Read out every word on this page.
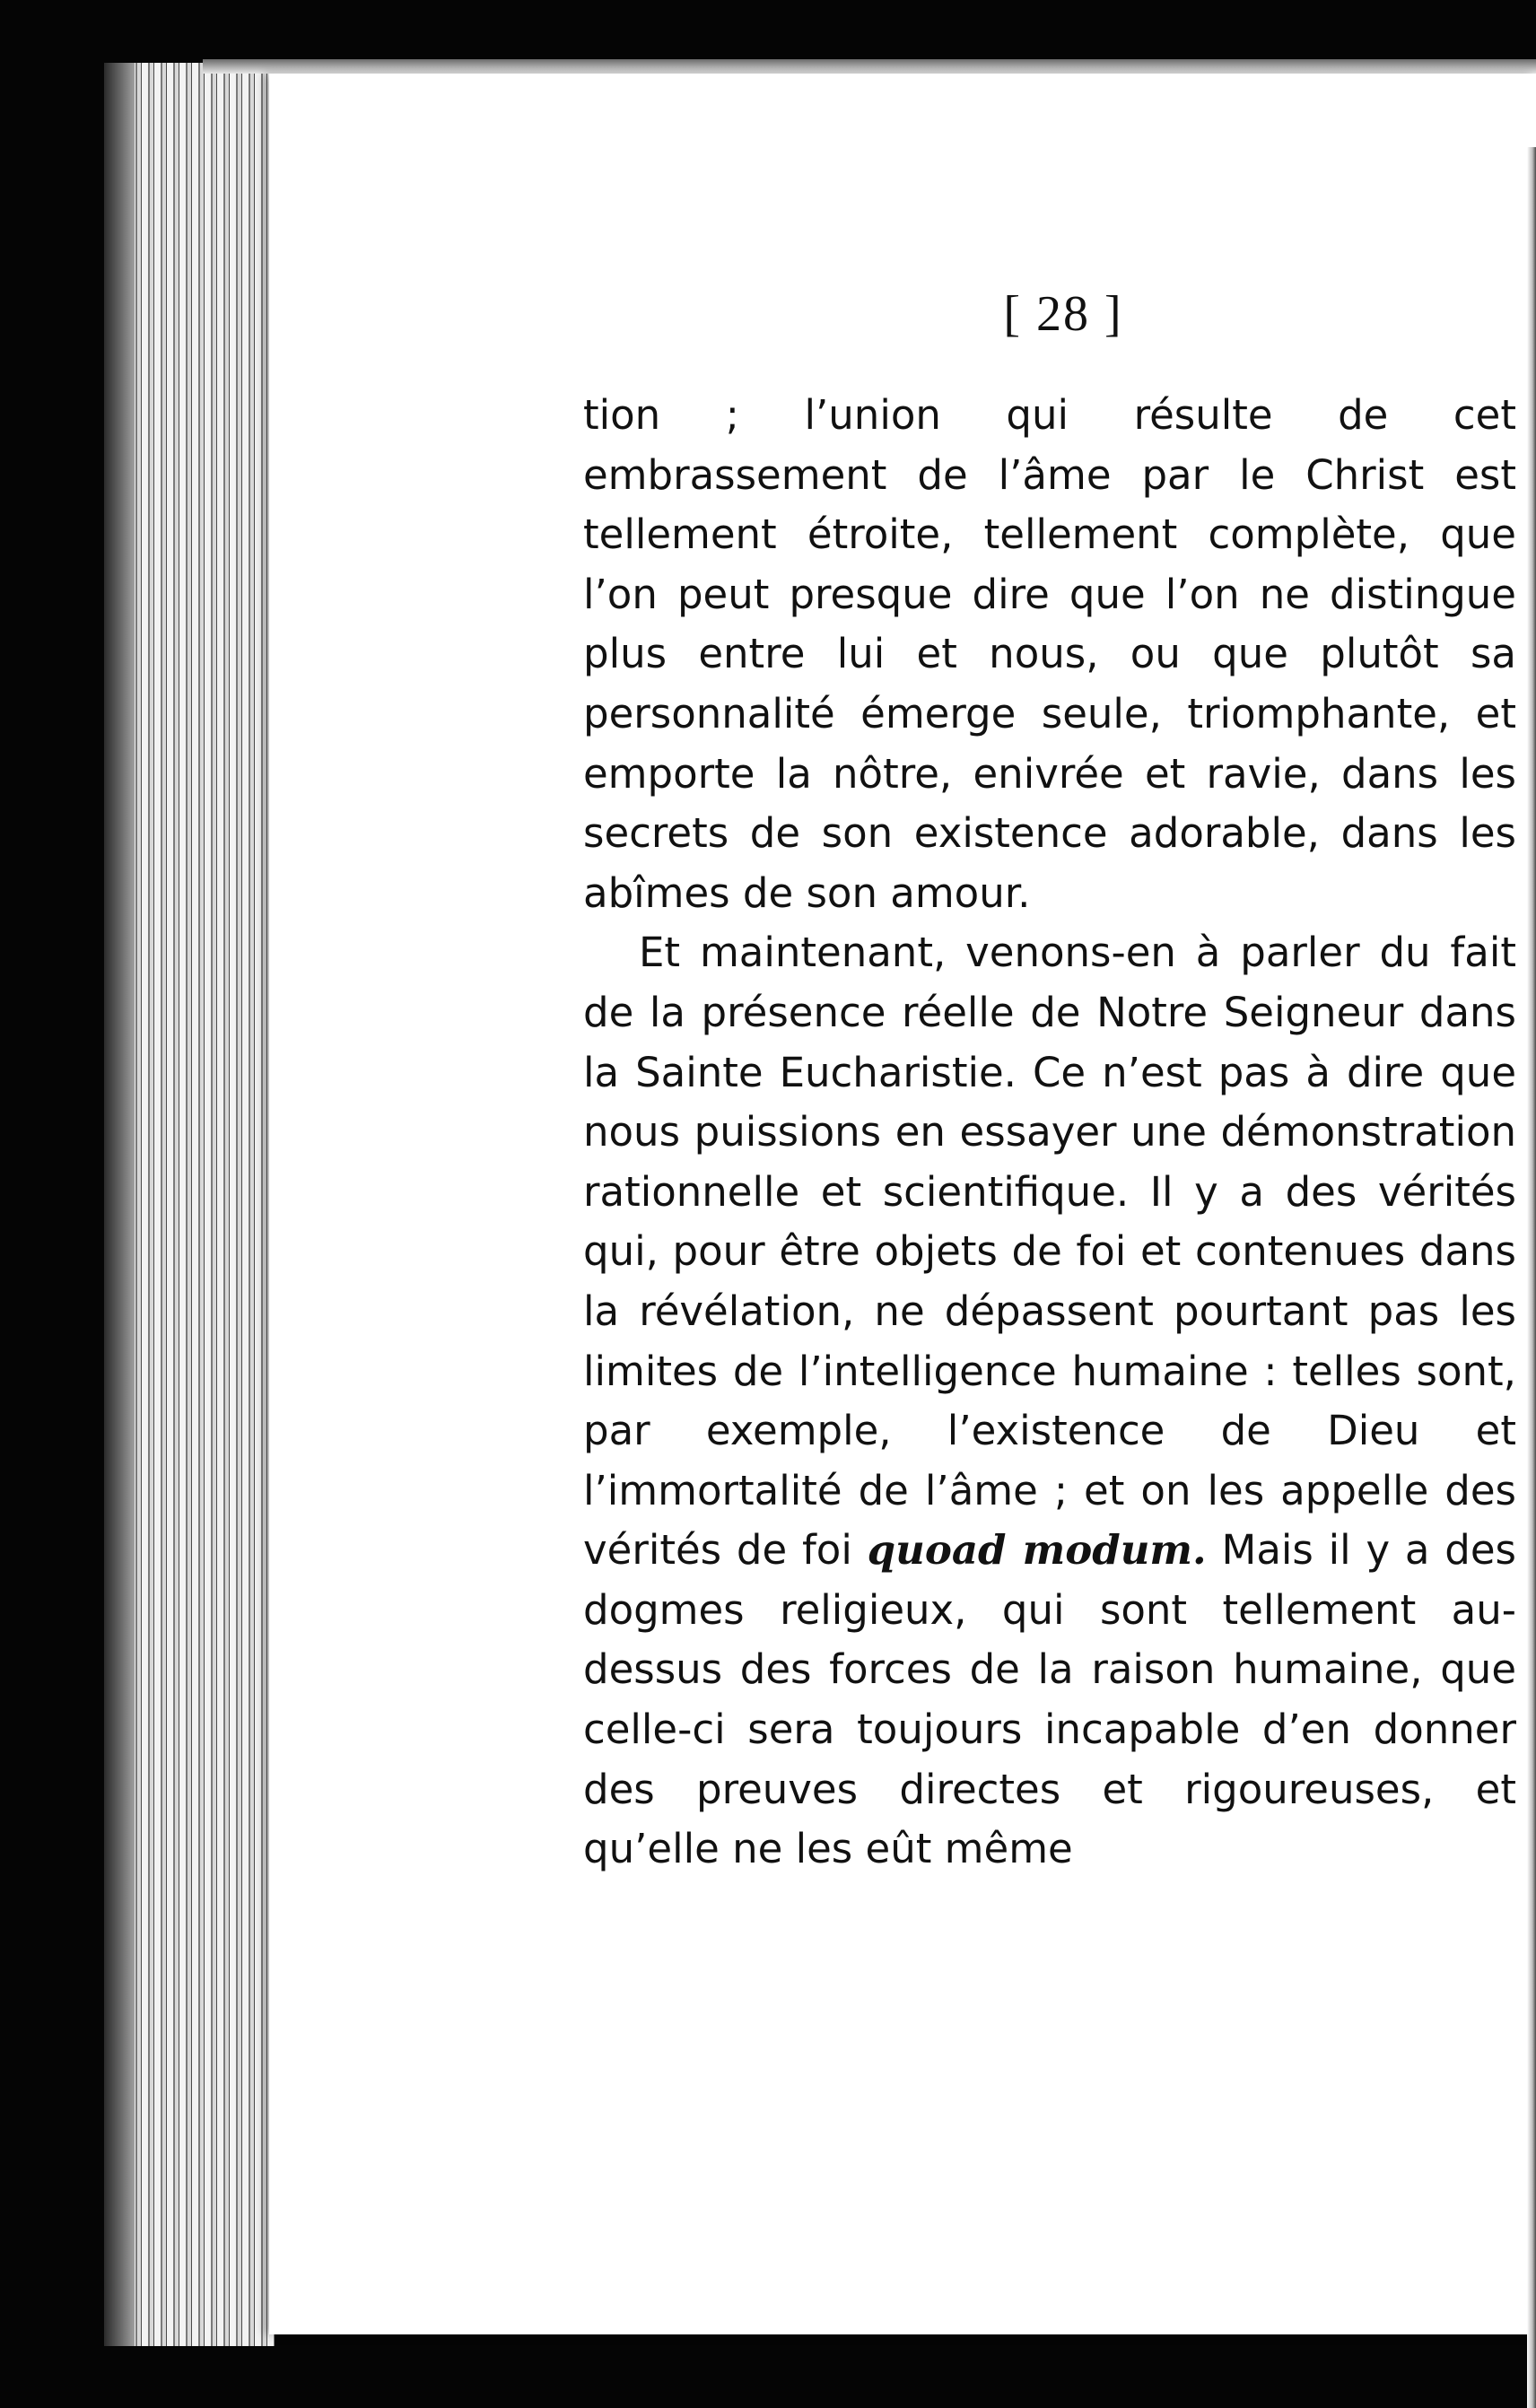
[ 28 ]

tion ; l’union qui résulte de cet embrassement de l’âme par le Christ est tellement étroite, tellement complète, que l’on peut presque dire que l’on ne distingue plus entre lui et nous, ou que plutôt sa personnalité émerge seule, triomphante, et emporte la nôtre, enivrée et ravie, dans les secrets de son existence adorable, dans les abîmes de son amour.

Et maintenant, venons-en à parler du fait de la présence réelle de Notre Seigneur dans la Sainte Eucharistie. Ce n’est pas à dire que nous puissions en essayer une démonstration rationnelle et scientifique. Il y a des vérités qui, pour être objets de foi et contenues dans la révélation, ne dépassent pourtant pas les limites de l’intelligence humaine : telles sont, par exemple, l’existence de Dieu et l’immortalité de l’âme ; et on les appelle des vérités de foi quoad modum. Mais il y a des dogmes religieux, qui sont tellement au-dessus des forces de la raison humaine, que celle-ci sera toujours incapable d’en donner des preuves directes et rigoureuses, et qu’elle ne les eût même
